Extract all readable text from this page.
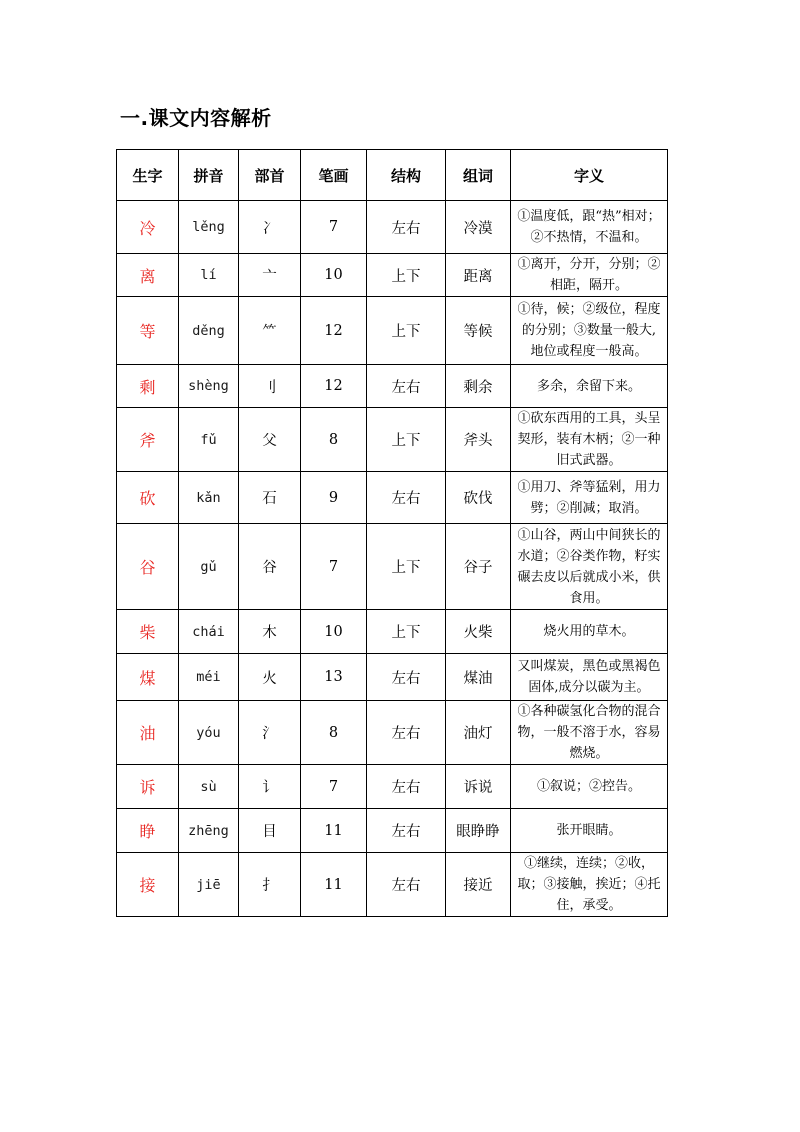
一.课文内容解析
生字	拼音	部首	笔画	结构	组词	字义
冷	lěng	冫	7	左右	冷漠	①温度低，跟“热”相对；②不热情，不温和。
离	lí	亠	10	上下	距离	①离开，分开，分别；②相距，隔开。
等	děng	⺮	12	上下	等候	①待，候；②级位，程度的分别；③数量一般大,地位或程度一般高。
剩	shèng	刂	12	左右	剩余	多余，余留下来。
斧	fǔ	父	8	上下	斧头	①砍东西用的工具，头呈契形，装有木柄；②一种旧式武器。
砍	kǎn	石	9	左右	砍伐	①用刀、斧等猛剁，用力劈；②削减；取消。
谷	gǔ	谷	7	上下	谷子	①山谷，两山中间狭长的水道；②谷类作物，籽实碾去皮以后就成小米，供食用。
柴	chái	木	10	上下	火柴	烧火用的草木。
煤	méi	火	13	左右	煤油	又叫煤炭，黑色或黑褐色固体,成分以碳为主。
油	yóu	氵	8	左右	油灯	①各种碳氢化合物的混合物，一般不溶于水，容易燃烧。
诉	sù	讠	7	左右	诉说	①叙说；②控告。
睁	zhēng	目	11	左右	眼睁睁	张开眼睛。
接	jiē	扌	11	左右	接近	①继续，连续；②收，取；③接触，挨近；④托住，承受。
